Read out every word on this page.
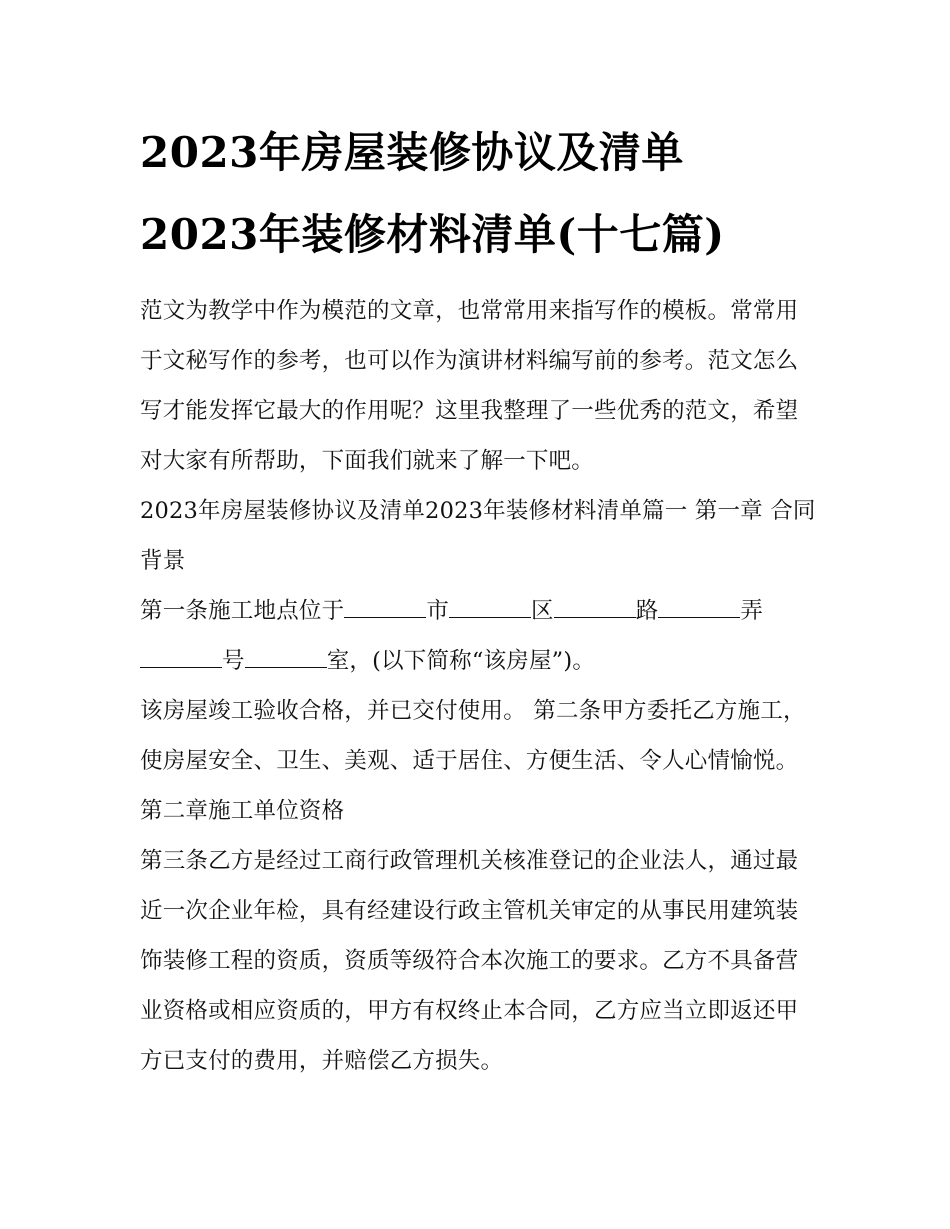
2023年房屋装修协议及清单
2023年装修材料清单(十七篇)

范文为教学中作为模范的文章，也常常用来指写作的模板。常常用于文秘写作的参考，也可以作为演讲材料编写前的参考。范文怎么写才能发挥它最大的作用呢？这里我整理了一些优秀的范文，希望对大家有所帮助，下面我们就来了解一下吧。

2023年房屋装修协议及清单2023年装修材料清单篇一 第一章 合同背景

第一条施工地点位于	市	区	路	弄号	室，(以下简称“该房屋”)。

该房屋竣工验收合格，并已交付使用。 第二条甲方委托乙方施工，使房屋安全、卫生、美观、适于居住、方便生活、令人心情愉悦。 第二章施工单位资格

第三条乙方是经过工商行政管理机关核准登记的企业法人，通过最近一次企业年检，具有经建设行政主管机关审定的从事民用建筑装饰装修工程的资质，资质等级符合本次施工的要求。乙方不具备营业资格或相应资质的，甲方有权终止本合同，乙方应当立即返还甲方已支付的费用，并赔偿乙方损失。
